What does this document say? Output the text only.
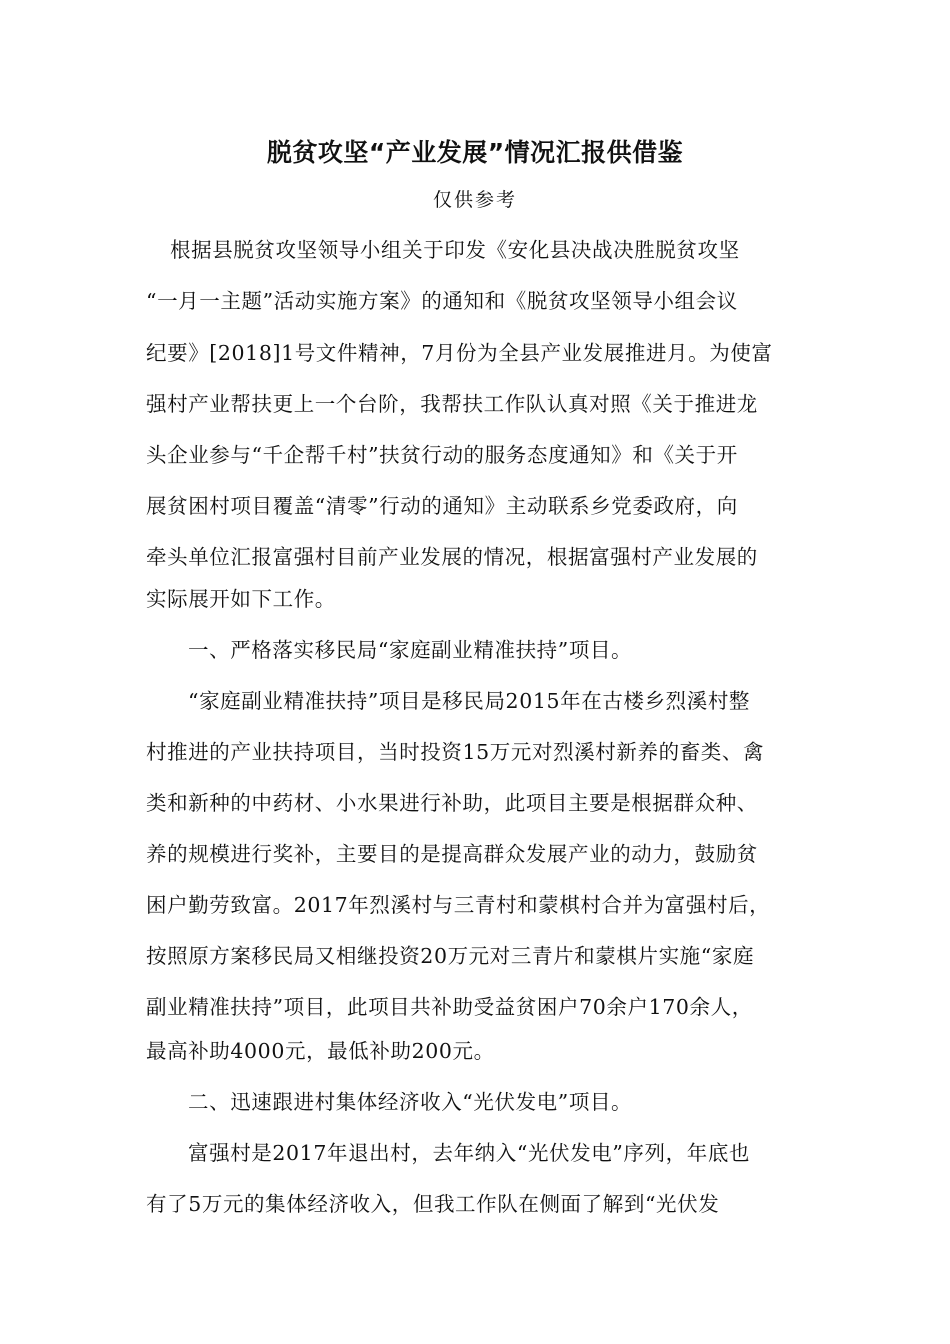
脱贫攻坚“产业发展”情况汇报供借鉴
仅供参考
根据县脱贫攻坚领导小组关于印发《安化县决战决胜脱贫攻坚
“一月一主题”活动实施方案》的通知和《脱贫攻坚领导小组会议
纪要》[2018]1号文件精神，7月份为全县产业发展推进月。为使富
强村产业帮扶更上一个台阶，我帮扶工作队认真对照《关于推进龙
头企业参与“千企帮千村”扶贫行动的服务态度通知》和《关于开
展贫困村项目覆盖“清零”行动的通知》主动联系乡党委政府，向
牵头单位汇报富强村目前产业发展的情况，根据富强村产业发展的
实际展开如下工作。
一、严格落实移民局“家庭副业精准扶持”项目。
“家庭副业精准扶持”项目是移民局2015年在古楼乡烈溪村整
村推进的产业扶持项目，当时投资15万元对烈溪村新养的畜类、禽
类和新种的中药材、小水果进行补助，此项目主要是根据群众种、
养的规模进行奖补，主要目的是提高群众发展产业的动力，鼓励贫
困户勤劳致富。2017年烈溪村与三青村和蒙棋村合并为富强村后，
按照原方案移民局又相继投资20万元对三青片和蒙棋片实施“家庭
副业精准扶持”项目，此项目共补助受益贫困户70余户170余人，
最高补助4000元，最低补助200元。
二、迅速跟进村集体经济收入“光伏发电”项目。
富强村是2017年退出村，去年纳入“光伏发电”序列，年底也
有了5万元的集体经济收入，但我工作队在侧面了解到“光伏发
